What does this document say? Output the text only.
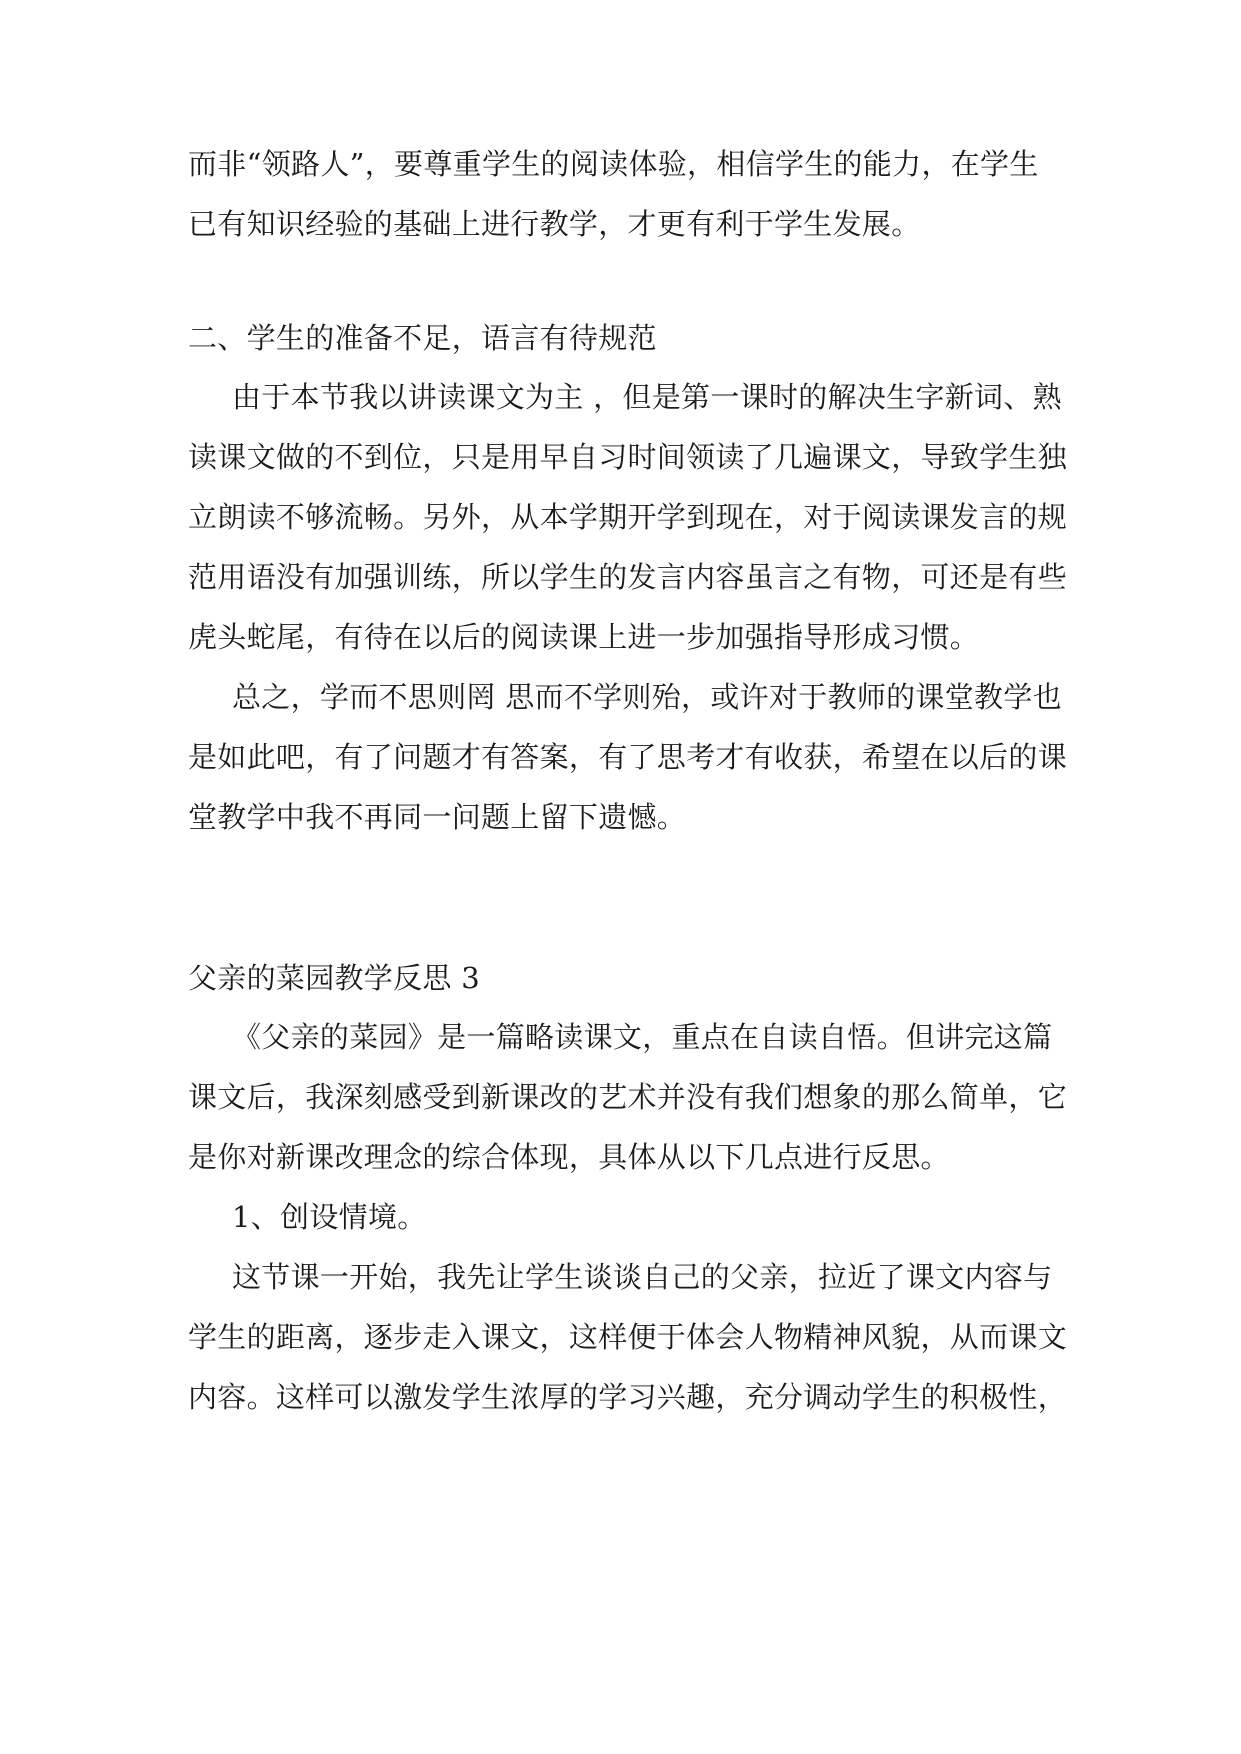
而非“领路人”，要尊重学生的阅读体验，相信学生的能力，在学生
已有知识经验的基础上进行教学，才更有利于学生发展。
二、学生的准备不足，语言有待规范
由于本节我以讲读课文为主 ，但是第一课时的解决生字新词、熟
读课文做的不到位，只是用早自习时间领读了几遍课文，导致学生独
立朗读不够流畅。另外，从本学期开学到现在，对于阅读课发言的规
范用语没有加强训练，所以学生的发言内容虽言之有物，可还是有些
虎头蛇尾，有待在以后的阅读课上进一步加强指导形成习惯。
总之，学而不思则罔 思而不学则殆，或许对于教师的课堂教学也
是如此吧，有了问题才有答案，有了思考才有收获，希望在以后的课
堂教学中我不再同一问题上留下遗憾。
父亲的菜园教学反思 3
《父亲的菜园》是一篇略读课文，重点在自读自悟。但讲完这篇
课文后，我深刻感受到新课改的艺术并没有我们想象的那么简单，它
是你对新课改理念的综合体现，具体从以下几点进行反思。
1、创设情境。
这节课一开始，我先让学生谈谈自己的父亲，拉近了课文内容与
学生的距离，逐步走入课文，这样便于体会人物精神风貌，从而课文
内容。这样可以激发学生浓厚的学习兴趣，充分调动学生的积极性，
